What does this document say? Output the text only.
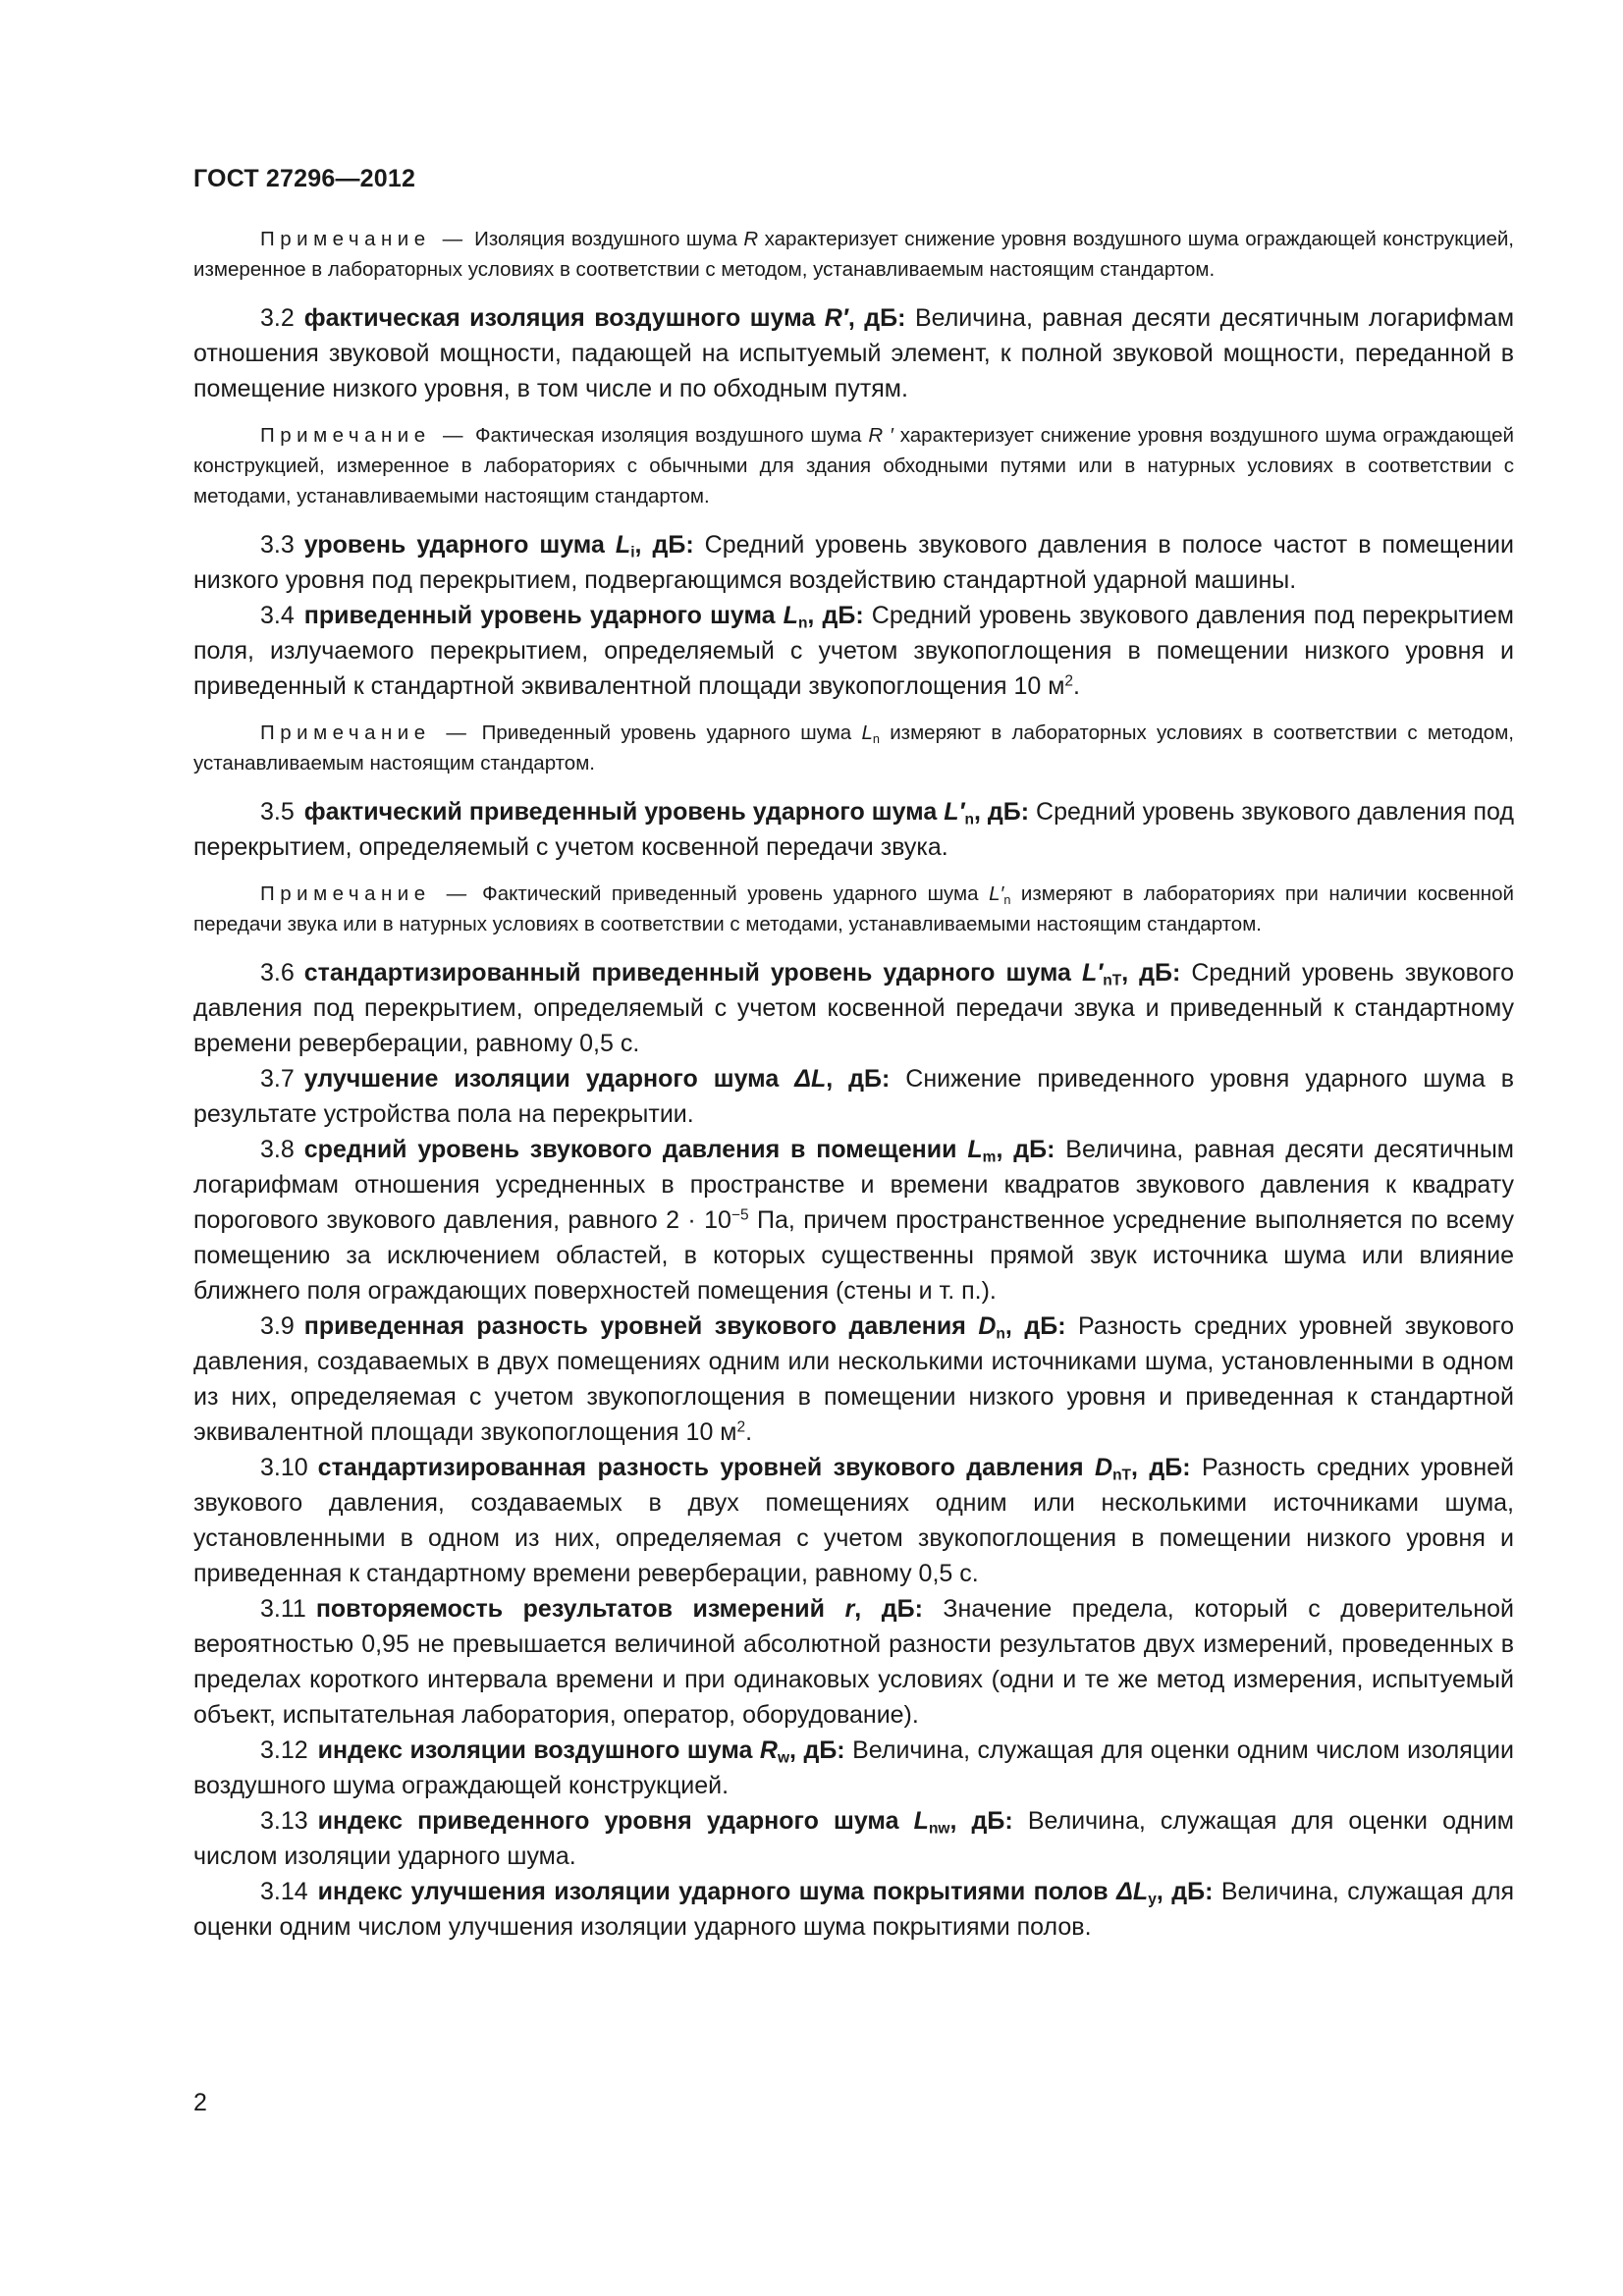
ГОСТ 27296—2012

Примечание — Изоляция воздушного шума R характеризует снижение уровня воздушного шума ограждающей конструкцией, измеренное в лабораторных условиях в соответствии с методом, устанавливаемым настоящим стандартом.

3.2 фактическая изоляция воздушного шума R′, дБ: Величина, равная десяти десятичным логарифмам отношения звуковой мощности, падающей на испытуемый элемент, к полной звуковой мощности, переданной в помещение низкого уровня, в том числе и по обходным путям.

Примечание — Фактическая изоляция воздушного шума R ′ характеризует снижение уровня воздушного шума ограждающей конструкцией, измеренное в лабораториях с обычными для здания обходными путями или в натурных условиях в соответствии с методами, устанавливаемыми настоящим стандартом.

3.3 уровень ударного шума $L_i$, дБ: Средний уровень звукового давления в полосе частот в помещении низкого уровня под перекрытием, подвергающимся воздействию стандартной ударной машины.

3.4 приведенный уровень ударного шума $L_n$, дБ: Средний уровень звукового давления под перекрытием поля, излучаемого перекрытием, определяемый с учетом звукопоглощения в помещении низкого уровня и приведенный к стандартной эквивалентной площади звукопоглощения 10 $м^2$.

Примечание — Приведенный уровень ударного шума $L_n$ измеряют в лабораторных условиях в соответствии с методом, устанавливаемым настоящим стандартом.

3.5 фактический приведенный уровень ударного шума $L'_n$, дБ: Средний уровень звукового давления под перекрытием, определяемый с учетом косвенной передачи звука.

Примечание — Фактический приведенный уровень ударного шума $L'_n$ измеряют в лабораториях при наличии косвенной передачи звука или в натурных условиях в соответствии с методами, устанавливаемыми настоящим стандартом.

3.6 стандартизированный приведенный уровень ударного шума $L'_{nT}$, дБ: Средний уровень звукового давления под перекрытием, определяемый с учетом косвенной передачи звука и приведенный к стандартному времени реверберации, равному 0,5 с.

3.7 улучшение изоляции ударного шума ΔL, дБ: Снижение приведенного уровня ударного шума в результате устройства пола на перекрытии.

3.8 средний уровень звукового давления в помещении $L_m$, дБ: Величина, равная десяти десятичным логарифмам отношения усредненных в пространстве и времени квадратов звукового давления к квадрату порогового звукового давления, равного $2 \cdot 10^{-5}$ Па, причем пространственное усреднение выполняется по всему помещению за исключением областей, в которых существенны прямой звук источника шума или влияние ближнего поля ограждающих поверхностей помещения (стены и т. п.).

3.9 приведенная разность уровней звукового давления $D_n$, дБ: Разность средних уровней звукового давления, создаваемых в двух помещениях одним или несколькими источниками шума, установленными в одном из них, определяемая с учетом звукопоглощения в помещении низкого уровня и приведенная к стандартной эквивалентной площади звукопоглощения 10 $м^2$.

3.10 стандартизированная разность уровней звукового давления $D_{nT}$, дБ: Разность средних уровней звукового давления, создаваемых в двух помещениях одним или несколькими источниками шума, установленными в одном из них, определяемая с учетом звукопоглощения в помещении низкого уровня и приведенная к стандартному времени реверберации, равному 0,5 с.

3.11 повторяемость результатов измерений r, дБ: Значение предела, который с доверительной вероятностью 0,95 не превышается величиной абсолютной разности результатов двух измерений, проведенных в пределах короткого интервала времени и при одинаковых условиях (одни и те же метод измерения, испытуемый объект, испытательная лаборатория, оператор, оборудование).

3.12 индекс изоляции воздушного шума $R_w$, дБ: Величина, служащая для оценки одним числом изоляции воздушного шума ограждающей конструкцией.

3.13 индекс приведенного уровня ударного шума $L_{nw}$, дБ: Величина, служащая для оценки одним числом изоляции ударного шума.

3.14 индекс улучшения изоляции ударного шума покрытиями полов $\Delta L_y$, дБ: Величина, служащая для оценки одним числом улучшения изоляции ударного шума покрытиями полов.

2
